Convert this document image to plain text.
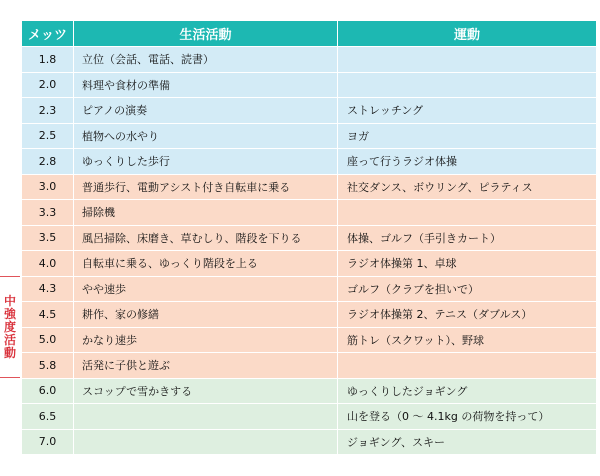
中
強
度
活
動
メッツ	生活活動	運動
1.8	立位（会話、電話、読書）	
2.0	料理や食材の準備	
2.3	ピアノの演奏	ストレッチング
2.5	植物への水やり	ヨガ
2.8	ゆっくりした歩行	座って行うラジオ体操
3.0	普通歩行、電動アシスト付き自転車に乗る	社交ダンス、ボウリング、ピラティス
3.3	掃除機	
3.5	風呂掃除、床磨き、草むしり、階段を下りる	体操、ゴルフ（手引きカート）
4.0	自転車に乗る、ゆっくり階段を上る	ラジオ体操第 1、卓球
4.3	やや速歩	ゴルフ（クラブを担いで）
4.5	耕作、家の修繕	ラジオ体操第 2、テニス（ダブルス）
5.0	かなり速歩	筋トレ（スクワット）、野球
5.8	活発に子供と遊ぶ	
6.0	スコップで雪かきする	ゆっくりしたジョギング
6.5		山を登る（0 ～ 4.1kg の荷物を持って）
7.0		ジョギング、スキー
